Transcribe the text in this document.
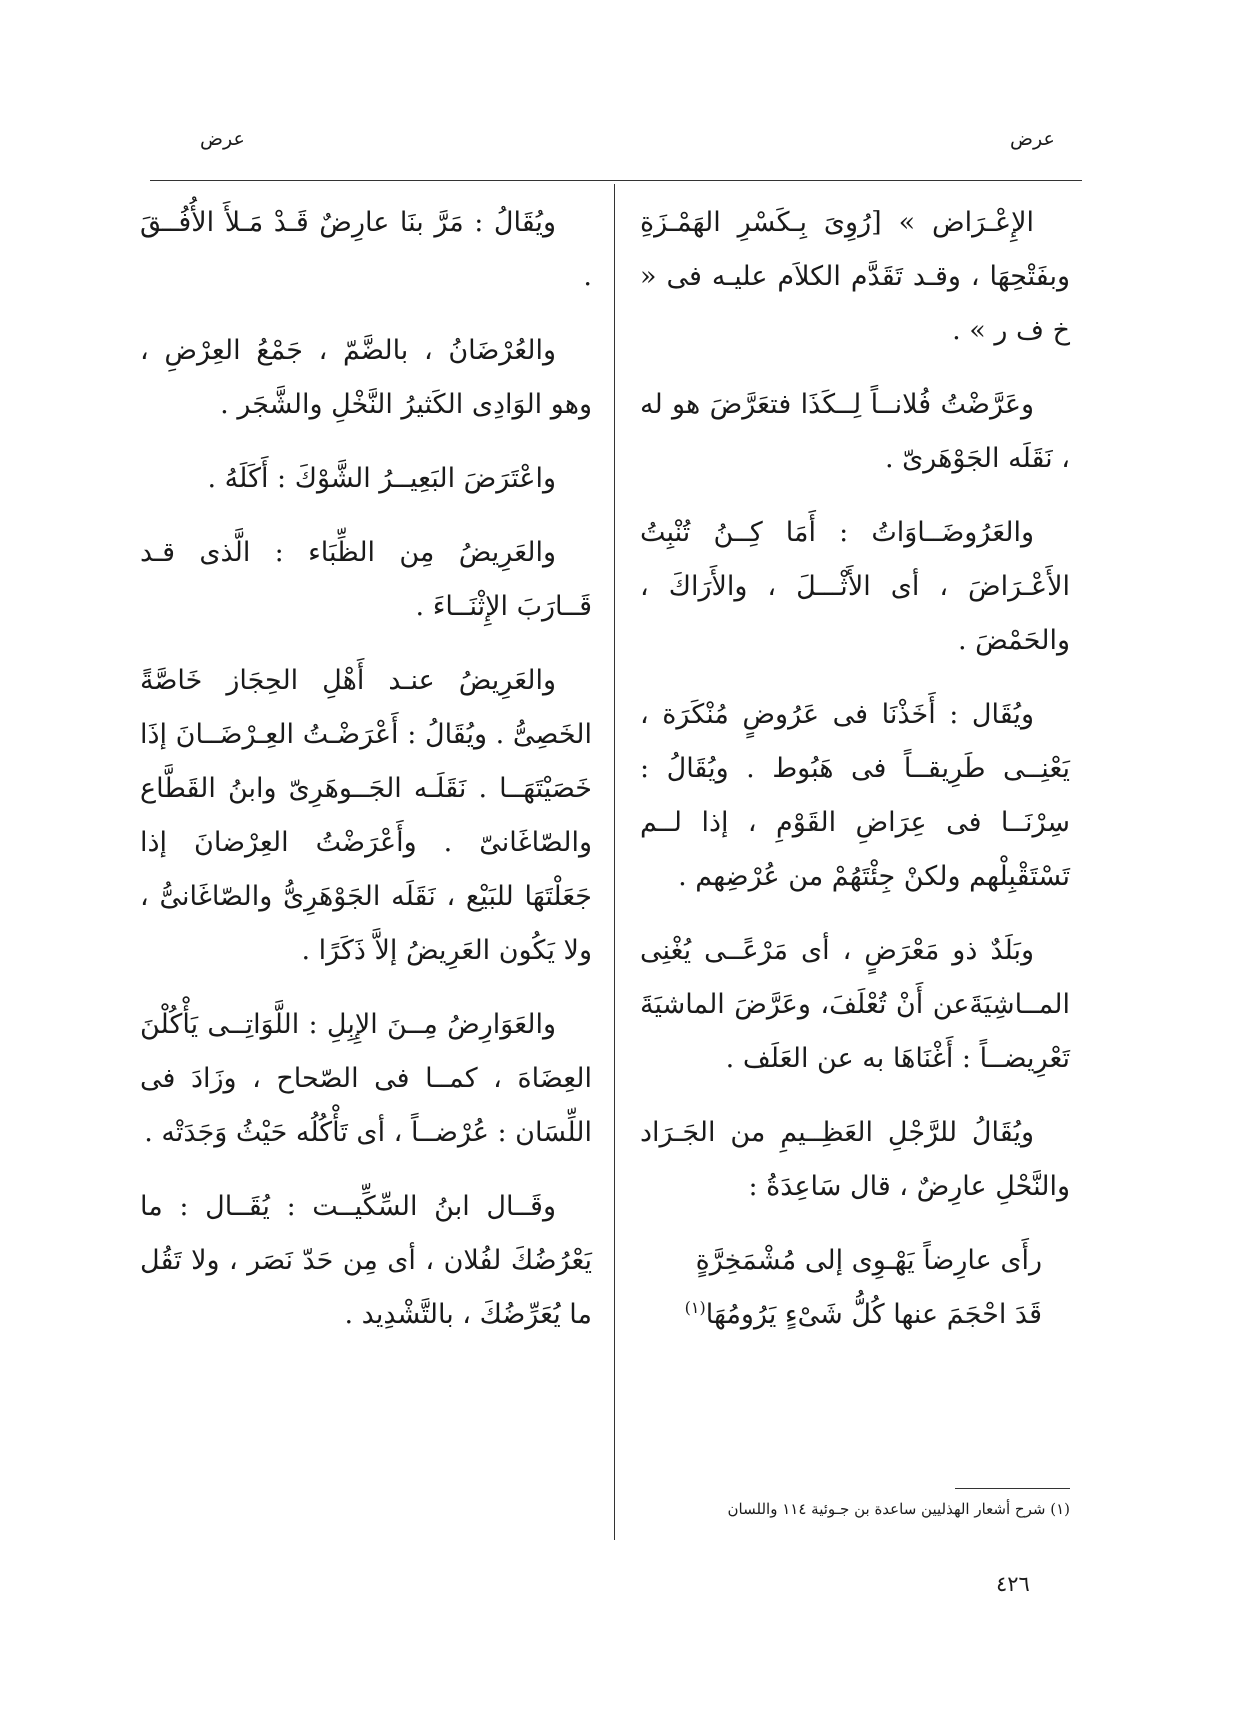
عرض
عرض

الإِعْـرَاض » [رُوِىَ بِـكَسْرِ الهَمْـزَةِ وبفَتْحِهَا ، وقـد تَقَدَّم الكلاَم عليـه فى « خ ف ر » .

وعَرَّضْتُ فُلانــاً لِــكَذَا فتعَرَّضَ هو له ، نَقَلَه الجَوْهَرىّ .

والعَرُوضَــاوَاتُ : أَمَا كِــنُ تُنْبِتُ الأَعْـرَاضَ ، أى الأَثْـــلَ ، والأَرَاكَ ، والحَمْضَ .

ويُقَال : أَخَذْنَا فى عَرُوضٍ مُنْكَرَة ، يَعْنِــى طَرِيقــاً فى هَبُوط . ويُقَالُ : سِرْنَــا فى عِرَاضِ القَوْمِ ، إذا لــم تَسْتَقْبِلْهم ولكنْ جِئْتَهُمْ من عُرْضِهم .

وبَلَدٌ ذو مَعْرَضٍ ، أى مَرْعًــى يُغْنِى المــاشِيَةَعن أَنْ تُعْلَفَ، وعَرَّضَ الماشيَةَ تَعْرِيضــاً : أَغْنَاهَا به عن العَلَف .

ويُقَالُ للرَّجْلِ العَظِــيمِ من الجَـرَاد والنَّحْلِ عارِضٌ ، قال سَاعِدَةُ :

رأَى عارِضاً يَهْـوِى إلى مُشْمَخِرَّةٍ
قَدَ احْجَمَ عنها كُلُّ شَىْءٍ يَرُومُهَا$^{(١)}$

ويُقَالُ : مَرَّ بنَا عارِضٌ قَـدْ مَـلأَ الأُفُــقَ .

والعُرْضَانُ ، بالضَّمّ ، جَمْعُ العِرْضِ ، وهو الوَادِى الكَثيرُ النَّخْلِ والشَّجَر .

واعْتَرَضَ البَعِيــرُ الشَّوْكَ : أَكَلَهُ .

والعَرِيضُ مِن الظِّبَاء : الَّذى قـد قَــارَبَ الإِثْنَــاءَ .

والعَرِيضُ عنـد أَهْلِ الحِجَاز خَاصَّةً الخَصِىُّ . ويُقَالُ : أَعْرَضْـتُ العِـرْضَــانَ إذَا خَصَيْتَهَــا . نَقَلَـه الجَــوهَرِىّ وابنُ القَطَّاع والصّاغَانىّ . وأَعْرَضْتُ العِرْضانَ إذا جَعَلْتَهَا للبَيْع ، نَقَلَه الجَوْهَرِىُّ والصّاغَانىُّ ، ولا يَكُون العَرِيضُ إلاَّ ذَكَرًا .

والعَوَارِضُ مِــنَ الإِبِلِ : اللَّوَاتِــى يَأْكُلْنَ العِضَاهَ ، كمــا فى الصّحاح ، وزَادَ فى اللِّسَان : عُرْضــاً ، أى تَأْكُلُه حَيْثُ وَجَدَتْه .

وقَــال ابنُ السِّكِّيــت : يُقَــال : ما يَعْرُضُكَ لفُلان ، أى مِن حَدّ نَصَر ، ولا تَقُل ما يُعَرِّضُكَ ، بالتَّشْدِيد .

(١) شرح أشعار الهذليين ساعدة بن جـوئية ١١٤ واللسان
٤٢٦
